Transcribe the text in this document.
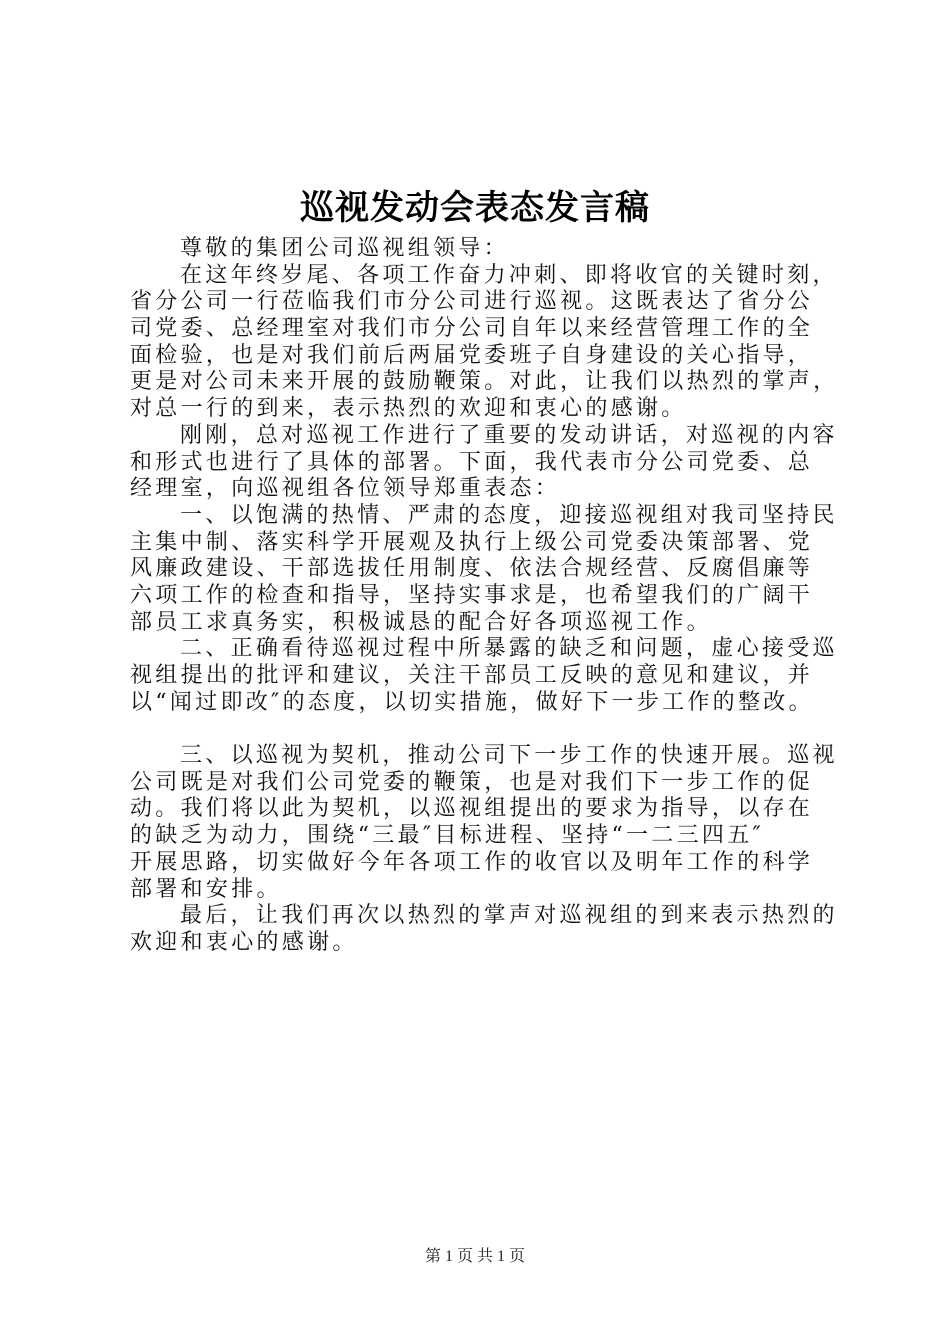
巡视发动会表态发言稿
尊敬的集团公司巡视组领导：
在这年终岁尾、各项工作奋力冲刺、即将收官的关键时刻，
省分公司一行莅临我们市分公司进行巡视。这既表达了省分公
司党委、总经理室对我们市分公司自年以来经营管理工作的全
面检验，也是对我们前后两届党委班子自身建设的关心指导，
更是对公司未来开展的鼓励鞭策。对此，让我们以热烈的掌声，
对总一行的到来，表示热烈的欢迎和衷心的感谢。
刚刚，总对巡视工作进行了重要的发动讲话，对巡视的内容
和形式也进行了具体的部署。下面，我代表市分公司党委、总
经理室，向巡视组各位领导郑重表态：
一、以饱满的热情、严肃的态度，迎接巡视组对我司坚持民
主集中制、落实科学开展观及执行上级公司党委决策部署、党
风廉政建设、干部选拔任用制度、依法合规经营、反腐倡廉等
六项工作的检查和指导，坚持实事求是，也希望我们的广阔干
部员工求真务实，积极诚恳的配合好各项巡视工作。
二、正确看待巡视过程中所暴露的缺乏和问题，虚心接受巡
视组提出的批评和建议，关注干部员工反映的意见和建议，并
以“闻过即改″的态度，以切实措施，做好下一步工作的整改。
三、以巡视为契机，推动公司下一步工作的快速开展。巡视
公司既是对我们公司党委的鞭策，也是对我们下一步工作的促
动。我们将以此为契机，以巡视组提出的要求为指导，以存在
的缺乏为动力，围绕“三最″目标进程、坚持“一二三四五″
开展思路，切实做好今年各项工作的收官以及明年工作的科学
部署和安排。
最后，让我们再次以热烈的掌声对巡视组的到来表示热烈的
欢迎和衷心的感谢。
第 1 页 共 1 页
